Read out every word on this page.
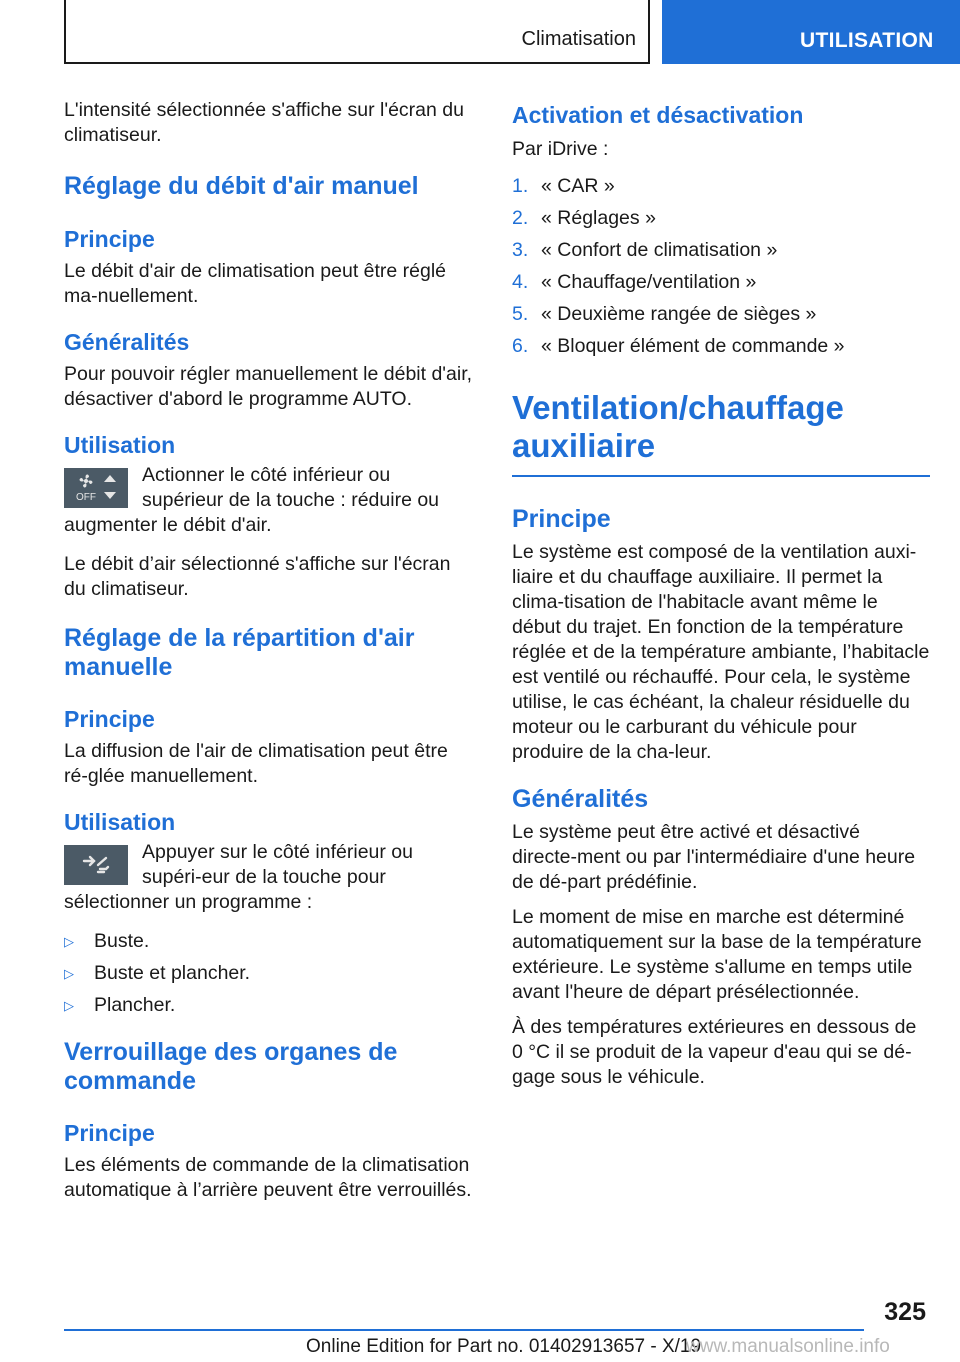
Climatisation	UTILISATION

L'intensité sélectionnée s'affiche sur l'écran du climatiseur.

Réglage du débit d'air manuel
Principe

Le débit d'air de climatisation peut être réglé ma‐nuellement.

Généralités

Pour pouvoir régler manuellement le débit d'air, désactiver d'abord le programme AUTO.

Utilisation
OFF

Actionner le côté inférieur ou supérieur de la touche : réduire ou augmenter le débit d'air.

Le débit d’air sélectionné s'affiche sur l'écran du climatiseur.

Réglage de la répartition d'air manuelle
Principe

La diffusion de l'air de climatisation peut être ré‐glée manuellement.

Utilisation

Appuyer sur le côté inférieur ou supéri‐eur de la touche pour sélectionner un programme :

▷ Buste.
▷ Buste et plancher.
▷ Plancher.
Verrouillage des organes de commande
Principe

Les éléments de commande de la climatisation automatique à l’arrière peuvent être verrouillés.

Activation et désactivation

Par iDrive :

1. « CAR »
2. « Réglages »
3. « Confort de climatisation »
4. « Chauffage/ventilation »
5. « Deuxième rangée de sièges »
6. « Bloquer élément de commande »
Ventilation/chauffage auxiliaire
Principe

Le système est composé de la ventilation auxi‐liaire et du chauffage auxiliaire. Il permet la clima‐tisation de l'habitacle avant même le début du trajet. En fonction de la température réglée et de la température ambiante, l’habitacle est ventilé ou réchauffé. Pour cela, le système utilise, le cas échéant, la chaleur résiduelle du moteur ou le carburant du véhicule pour produire de la cha‐leur.

Généralités

Le système peut être activé et désactivé directe‐ment ou par l'intermédiaire d'une heure de dé‐part prédéfinie.

Le moment de mise en marche est déterminé automatiquement sur la base de la température extérieure. Le système s'allume en temps utile avant l'heure de départ présélectionnée.

À des températures extérieures en dessous de 0 °C il se produit de la vapeur d'eau qui se dé‐gage sous le véhicule.

325
Online Edition for Part no. 01402913657 - X/19
www.manualsonline.info
